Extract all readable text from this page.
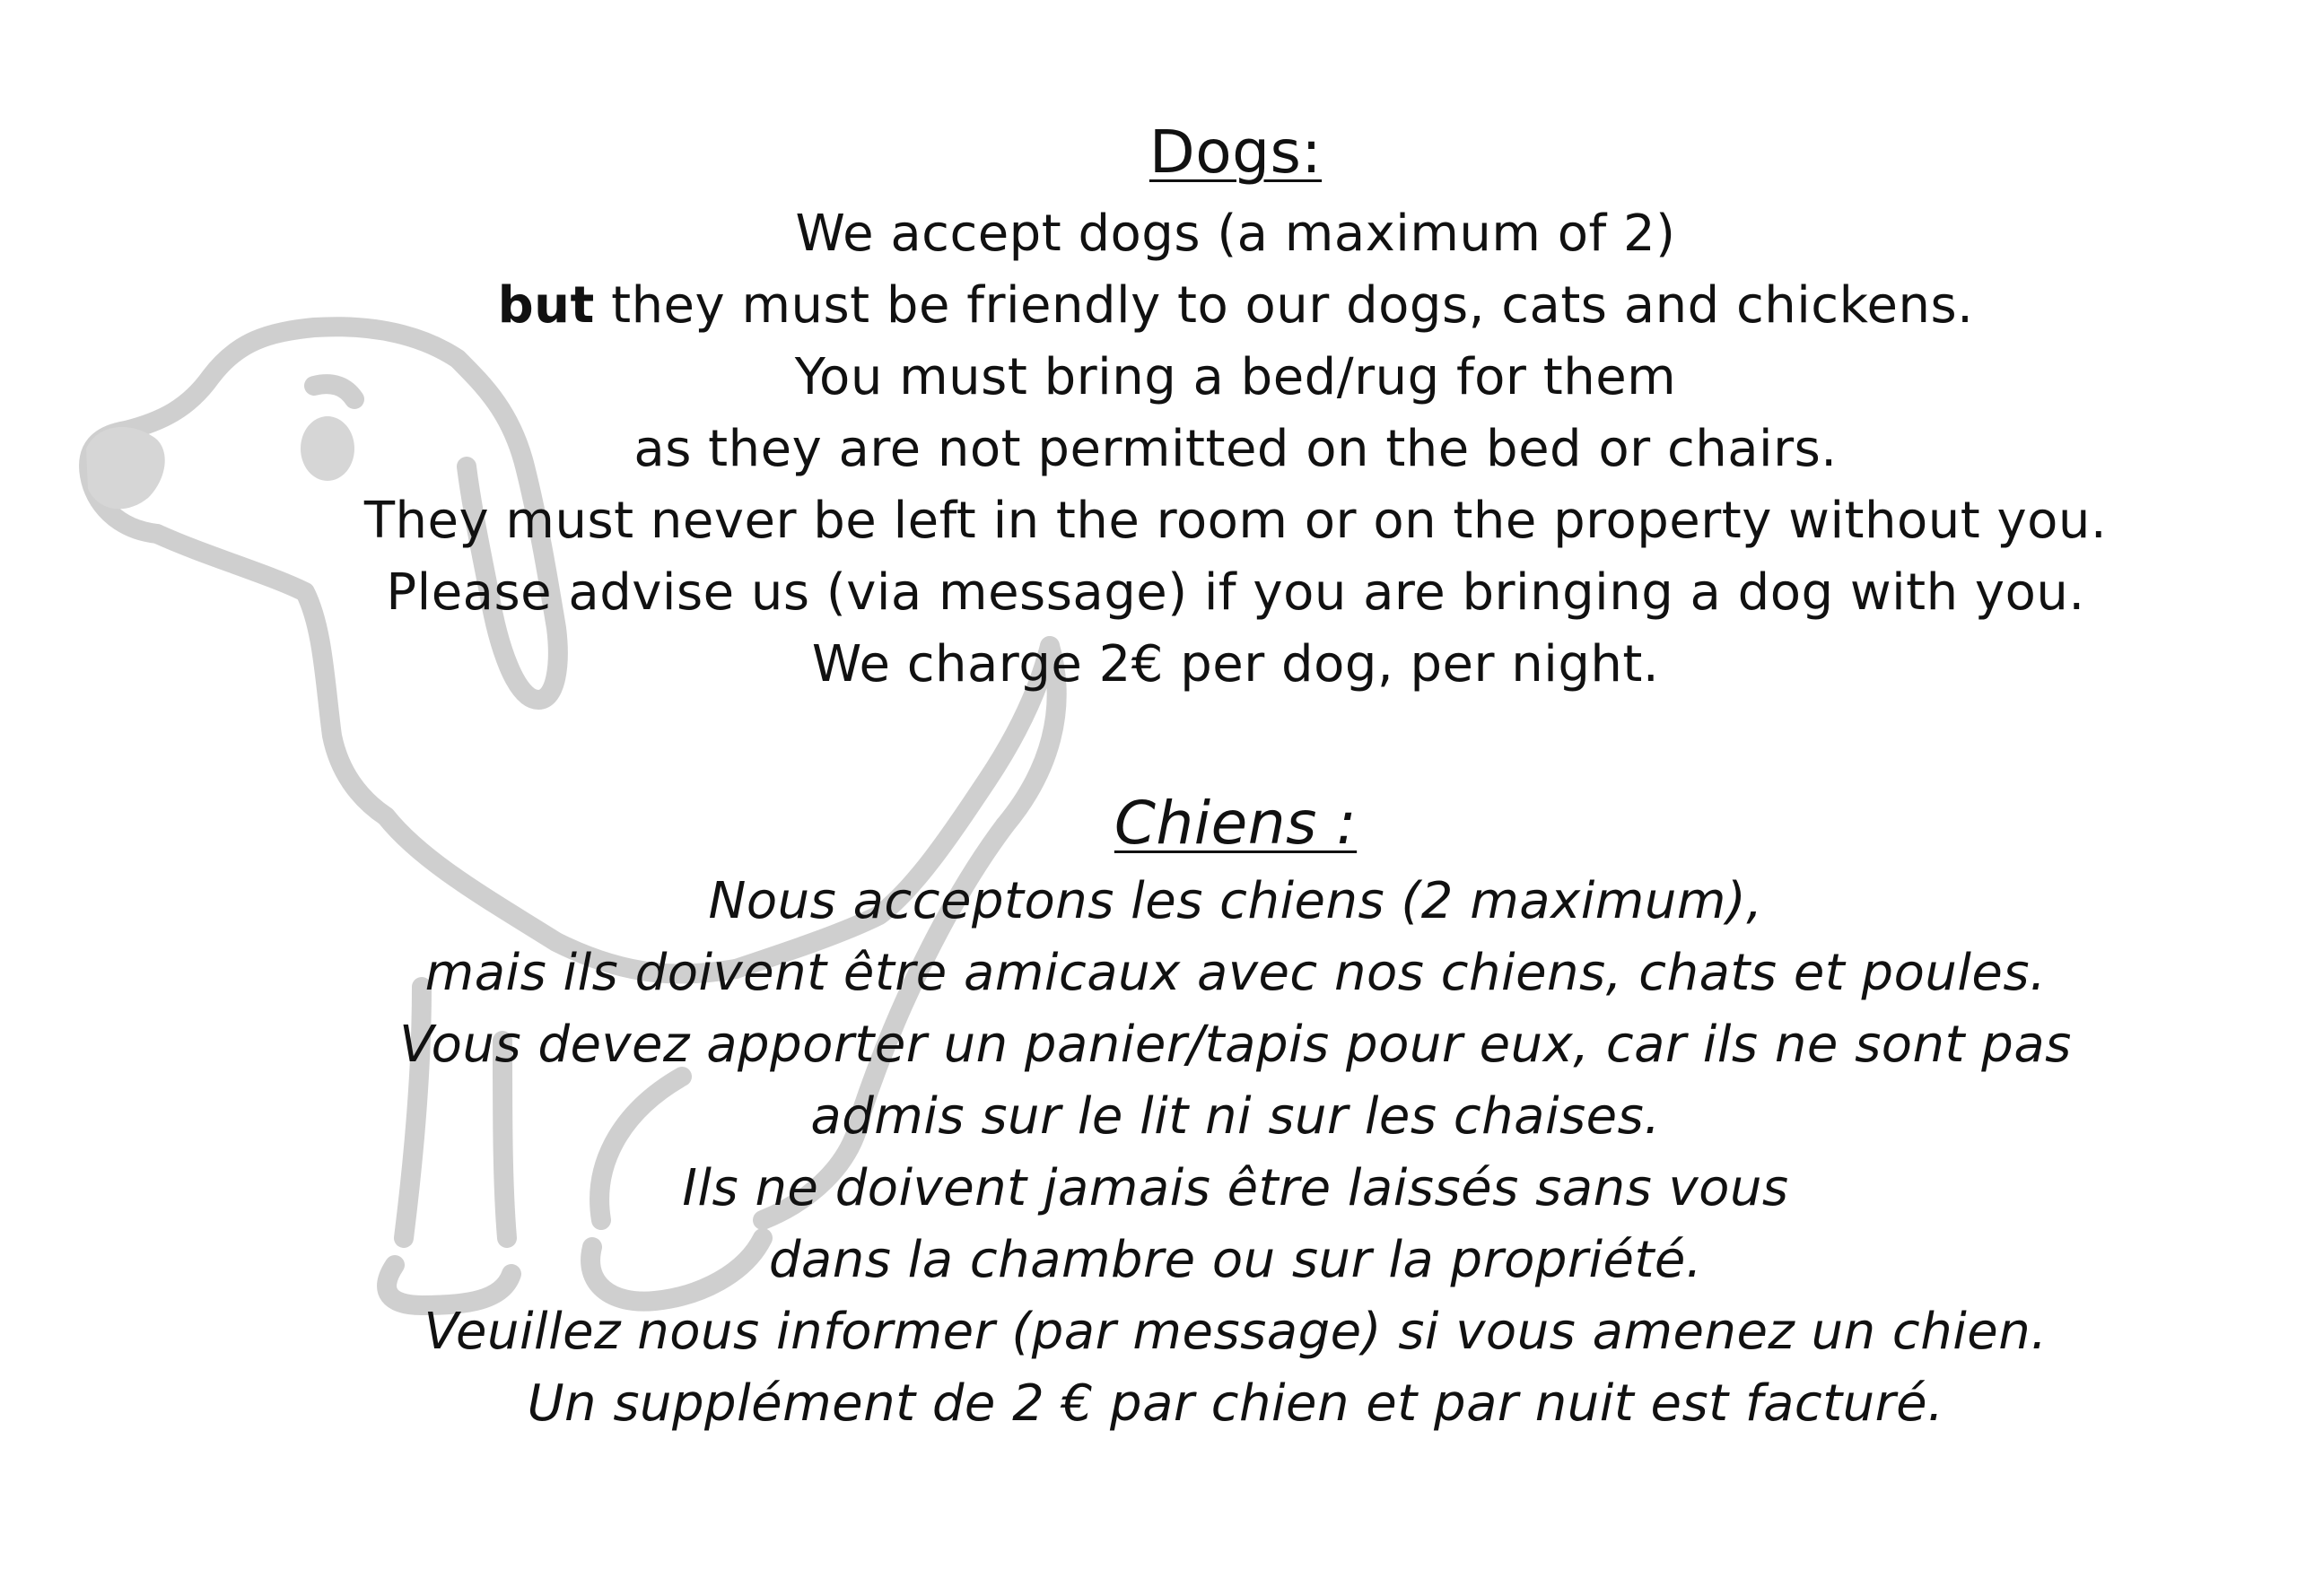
Dogs:
We accept dogs (a maximum of 2)
but they must be friendly to our dogs, cats and chickens.
You must bring a bed/rug for them
as they are not permitted on the bed or chairs.
They must never be left in the room or on the property without you.
Please advise us (via message) if you are bringing a dog with you.
We charge 2€ per dog, per night.
Chiens :
Nous acceptons les chiens (2 maximum),
mais ils doivent être amicaux avec nos chiens, chats et poules.
Vous devez apporter un panier/tapis pour eux, car ils ne sont pas
admis sur le lit ni sur les chaises.
Ils ne doivent jamais être laissés sans vous
dans la chambre ou sur la propriété.
Veuillez nous informer (par message) si vous amenez un chien.
Un supplément de 2 € par chien et par nuit est facturé.
